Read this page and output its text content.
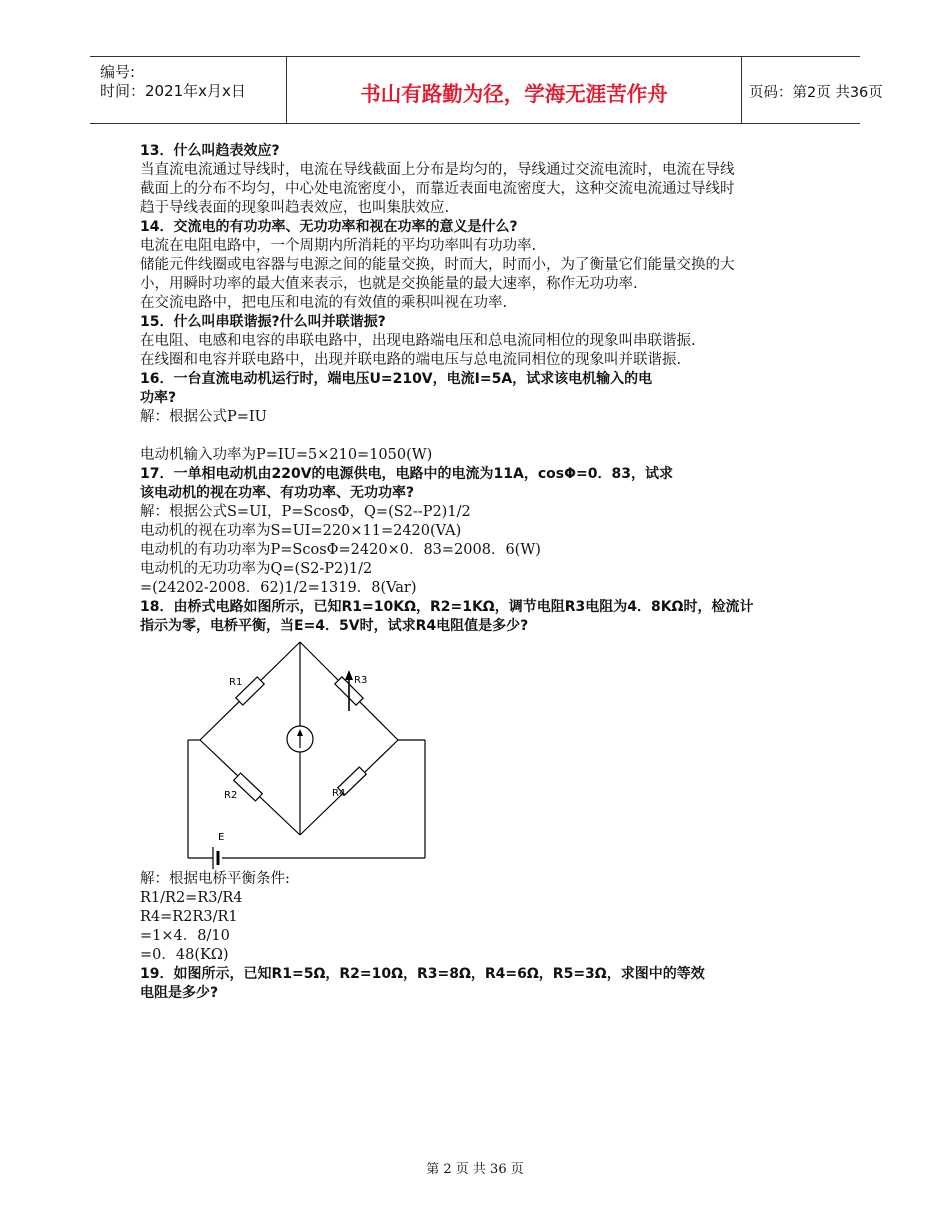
编号:
时间：2021年x月x日	书山有路勤为径，学海无涯苦作舟	页码：第2页 共36页
13．什么叫趋表效应?
当直流电流通过导线时，电流在导线截面上分布是均匀的，导线通过交流电流时，电流在导线
截面上的分布不均匀，中心处电流密度小，而靠近表面电流密度大，这种交流电流通过导线时
趋于导线表面的现象叫趋表效应，也叫集肤效应.
14．交流电的有功功率、无功功率和视在功率的意义是什么?
电流在电阻电路中，一个周期内所消耗的平均功率叫有功功率.
储能元件线圈或电容器与电源之间的能量交换，时而大，时而小，为了衡量它们能量交换的大
小，用瞬时功率的最大值来表示，也就是交换能量的最大速率，称作无功功率.
在交流电路中，把电压和电流的有效值的乘积叫视在功率.
15．什么叫串联谐振?什么叫并联谐振?
在电阻、电感和电容的串联电路中，出现电路端电压和总电流同相位的现象叫串联谐振.
在线圈和电容并联电路中，出现并联电路的端电压与总电流同相位的现象叫并联谐振.
16．一台直流电动机运行时，端电压U=210V，电流I=5A，试求该电机输入的电
功率?
解：根据公式P=IU

电动机输入功率为P=IU=5×210=1050(W)
17．一单相电动机由220V的电源供电，电路中的电流为11A，cosΦ=0．83，试求
该电动机的视在功率、有功功率、无功功率?
解：根据公式S=UI，P=ScosΦ，Q=(S2--P2)1/2
电动机的视在功率为S=UI=220×11=2420(VA)
电动机的有功功率为P=ScosΦ=2420×0．83=2008．6(W)
电动机的无功功率为Q=(S2-P2)1/2
=(24202-2008．62)1/2=1319．8(Var)
18．由桥式电路如图所示，已知R1=10KΩ，R2=1KΩ，调节电阻R3电阻为4．8KΩ时，检流计
指示为零，电桥平衡，当E=4．5V时，试求R4电阻值是多少?
R1	R3
R2	R4
E
解：根据电桥平衡条件:
R1/R2=R3/R4
R4=R2R3/R1
=1×4．8/10
=0．48(KΩ)
19．如图所示，已知R1=5Ω，R2=10Ω，R3=8Ω，R4=6Ω，R5=3Ω，求图中的等效
电阻是多少?
第 2 页 共 36 页
